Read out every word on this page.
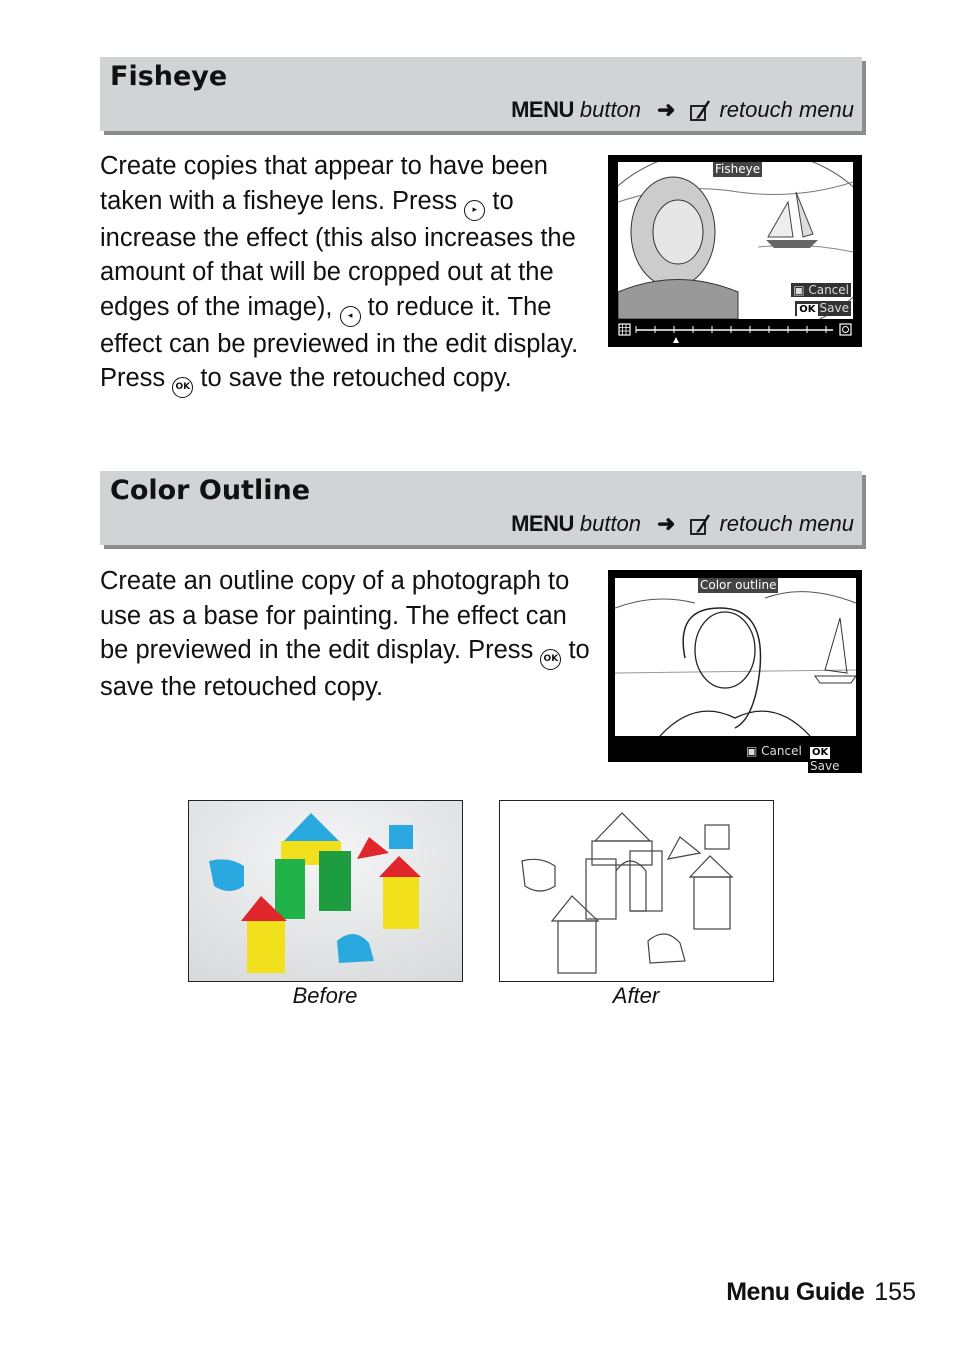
Fisheye
MENU button ➜ retouch menu

Create copies that appear to have been taken with a fisheye lens. Press ▸ to increase the effect (this also increases the amount of that will be cropped out at the edges of the image), ◂ to reduce it. The effect can be previewed in the edit display. Press OK to save the retouched copy.

Fisheye
▣ Cancel
OK Save
Color Outline
MENU button ➜ retouch menu

Create an outline copy of a photograph to use as a base for painting. The effect can be previewed in the edit display. Press OK to save the retouched copy.

Color outline
▣ Cancel	OKSave
Before	After
Menu Guide 155
